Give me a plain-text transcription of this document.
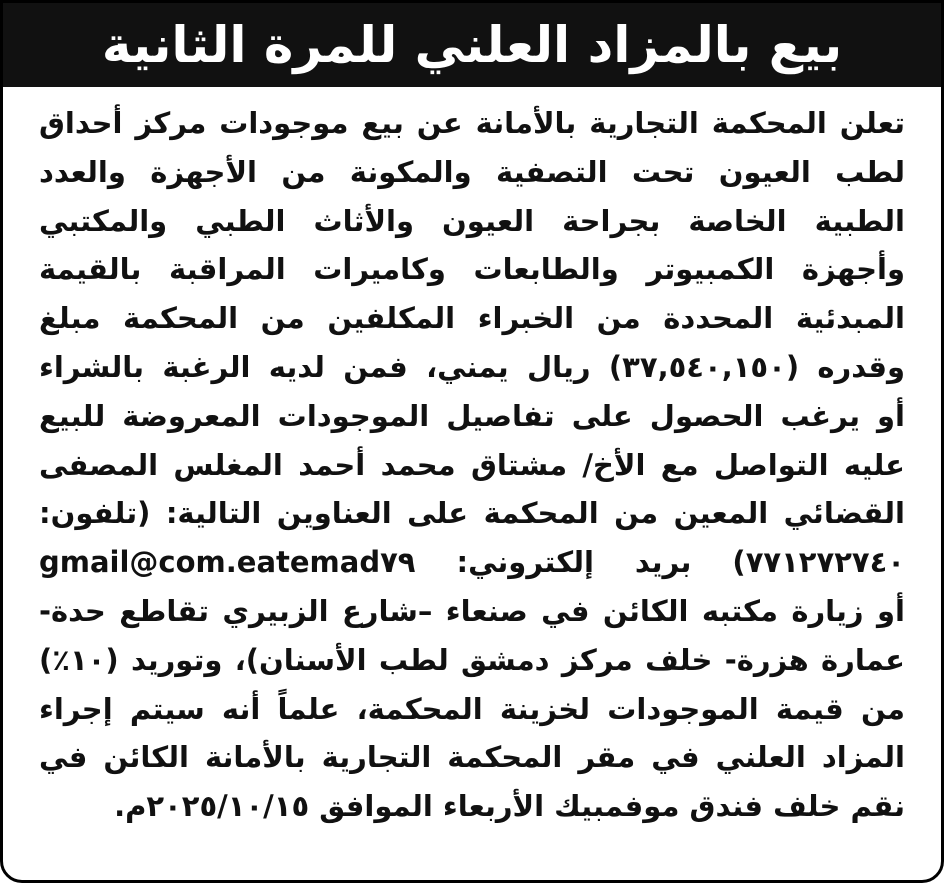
بيع بالمزاد العلني للمرة الثانية
تعلن المحكمة التجارية بالأمانة عن بيع موجودات مركز أحداق
لطب العيون تحت التصفية والمكونة من الأجهزة والعدد
الطبية الخاصة بجراحة العيون والأثاث الطبي والمكتبي
وأجهزة الكمبيوتر والطابعات وكاميرات المراقبة بالقيمة
المبدئية المحددة من الخبراء المكلفين من المحكمة مبلغ
وقدره (٣٧,٥٤٠,١٥٠) ريال يمني، فمن لديه الرغبة بالشراء
أو يرغب الحصول على تفاصيل الموجودات المعروضة للبيع
عليه التواصل مع الأخ/ مشتاق محمد أحمد المغلس المصفى
القضائي المعين من المحكمة على العناوين التالية: (تلفون:
٧٧١٢٧٢٧٤٠) بريد إلكتروني: gmail@com.eatemad٧٩
أو زيارة مكتبه الكائن في صنعاء –شارع الزبيري تقاطع حدة-
عمارة هزرة- خلف مركز دمشق لطب الأسنان)، وتوريد (١٠٪)
من قيمة الموجودات لخزينة المحكمة، علماً أنه سيتم إجراء
المزاد العلني في مقر المحكمة التجارية بالأمانة الكائن في
نقم خلف فندق موفمبيك الأربعاء الموافق ٢٠٢٥/١٠/١٥م.
